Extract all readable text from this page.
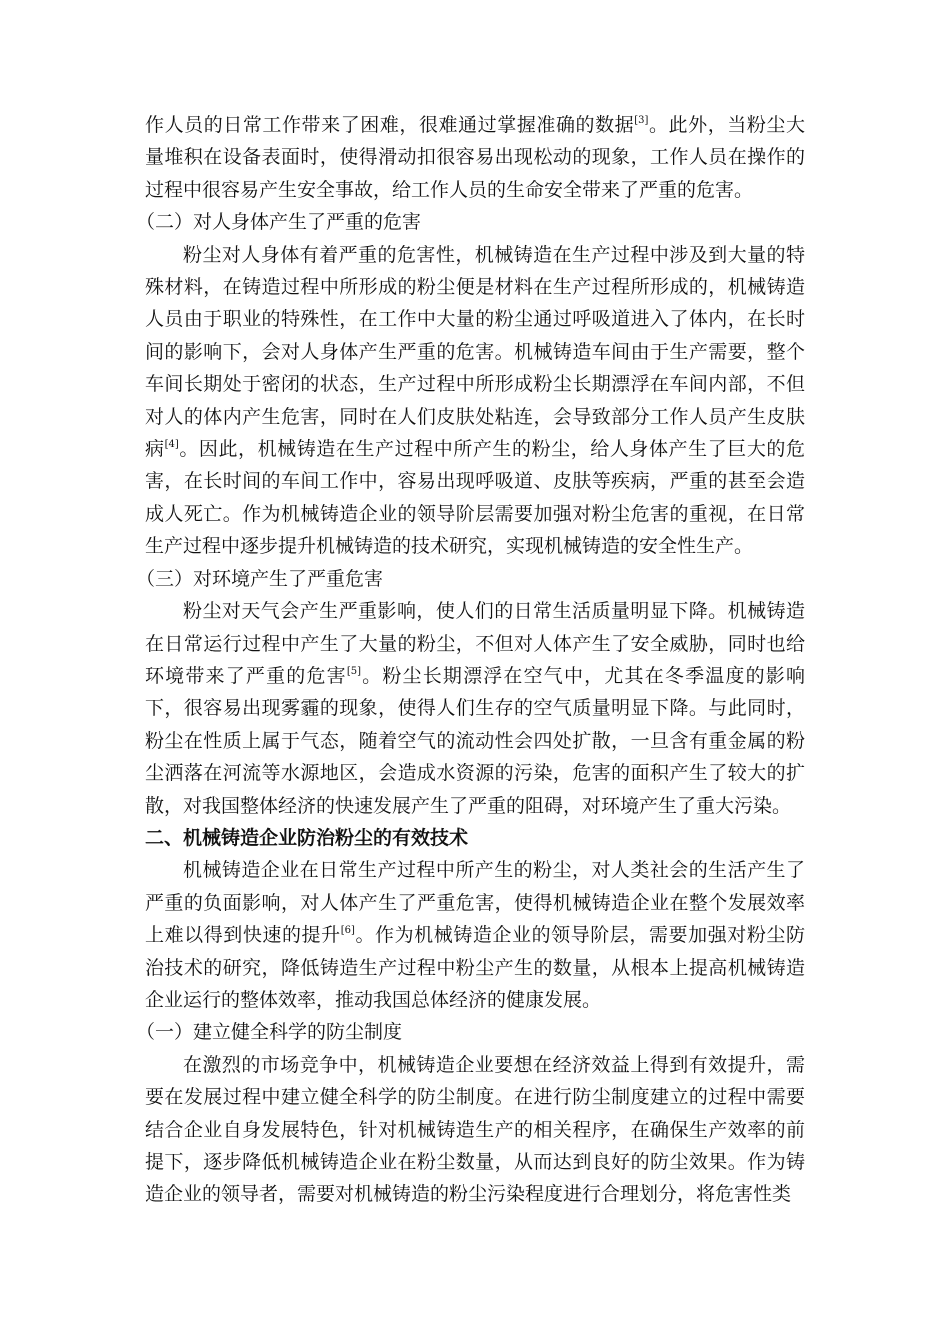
作人员的日常工作带来了困难，很难通过掌握准确的数据[3]。此外，当粉尘大量堆积在设备表面时，使得滑动扣很容易出现松动的现象，工作人员在操作的过程中很容易产生安全事故，给工作人员的生命安全带来了严重的危害。

（二）对人身体产生了严重的危害

粉尘对人身体有着严重的危害性，机械铸造在生产过程中涉及到大量的特殊材料，在铸造过程中所形成的粉尘便是材料在生产过程所形成的，机械铸造人员由于职业的特殊性，在工作中大量的粉尘通过呼吸道进入了体内，在长时间的影响下，会对人身体产生严重的危害。机械铸造车间由于生产需要，整个车间长期处于密闭的状态，生产过程中所形成粉尘长期漂浮在车间内部，不但对人的体内产生危害，同时在人们皮肤处粘连，会导致部分工作人员产生皮肤病[4]。因此，机械铸造在生产过程中所产生的粉尘，给人身体产生了巨大的危害，在长时间的车间工作中，容易出现呼吸道、皮肤等疾病，严重的甚至会造成人死亡。作为机械铸造企业的领导阶层需要加强对粉尘危害的重视，在日常生产过程中逐步提升机械铸造的技术研究，实现机械铸造的安全性生产。

（三）对环境产生了严重危害

粉尘对天气会产生严重影响，使人们的日常生活质量明显下降。机械铸造在日常运行过程中产生了大量的粉尘，不但对人体产生了安全威胁，同时也给环境带来了严重的危害[5]。粉尘长期漂浮在空气中，尤其在冬季温度的影响下，很容易出现雾霾的现象，使得人们生存的空气质量明显下降。与此同时，粉尘在性质上属于气态，随着空气的流动性会四处扩散，一旦含有重金属的粉尘洒落在河流等水源地区，会造成水资源的污染，危害的面积产生了较大的扩散，对我国整体经济的快速发展产生了严重的阻碍，对环境产生了重大污染。

二、机械铸造企业防治粉尘的有效技术

机械铸造企业在日常生产过程中所产生的粉尘，对人类社会的生活产生了严重的负面影响，对人体产生了严重危害，使得机械铸造企业在整个发展效率上难以得到快速的提升[6]。作为机械铸造企业的领导阶层，需要加强对粉尘防治技术的研究，降低铸造生产过程中粉尘产生的数量，从根本上提高机械铸造企业运行的整体效率，推动我国总体经济的健康发展。

（一）建立健全科学的防尘制度

在激烈的市场竞争中，机械铸造企业要想在经济效益上得到有效提升，需要在发展过程中建立健全科学的防尘制度。在进行防尘制度建立的过程中需要结合企业自身发展特色，针对机械铸造生产的相关程序，在确保生产效率的前提下，逐步降低机械铸造企业在粉尘数量，从而达到良好的防尘效果。作为铸造企业的领导者，需要对机械铸造的粉尘污染程度进行合理划分，将危害性类
